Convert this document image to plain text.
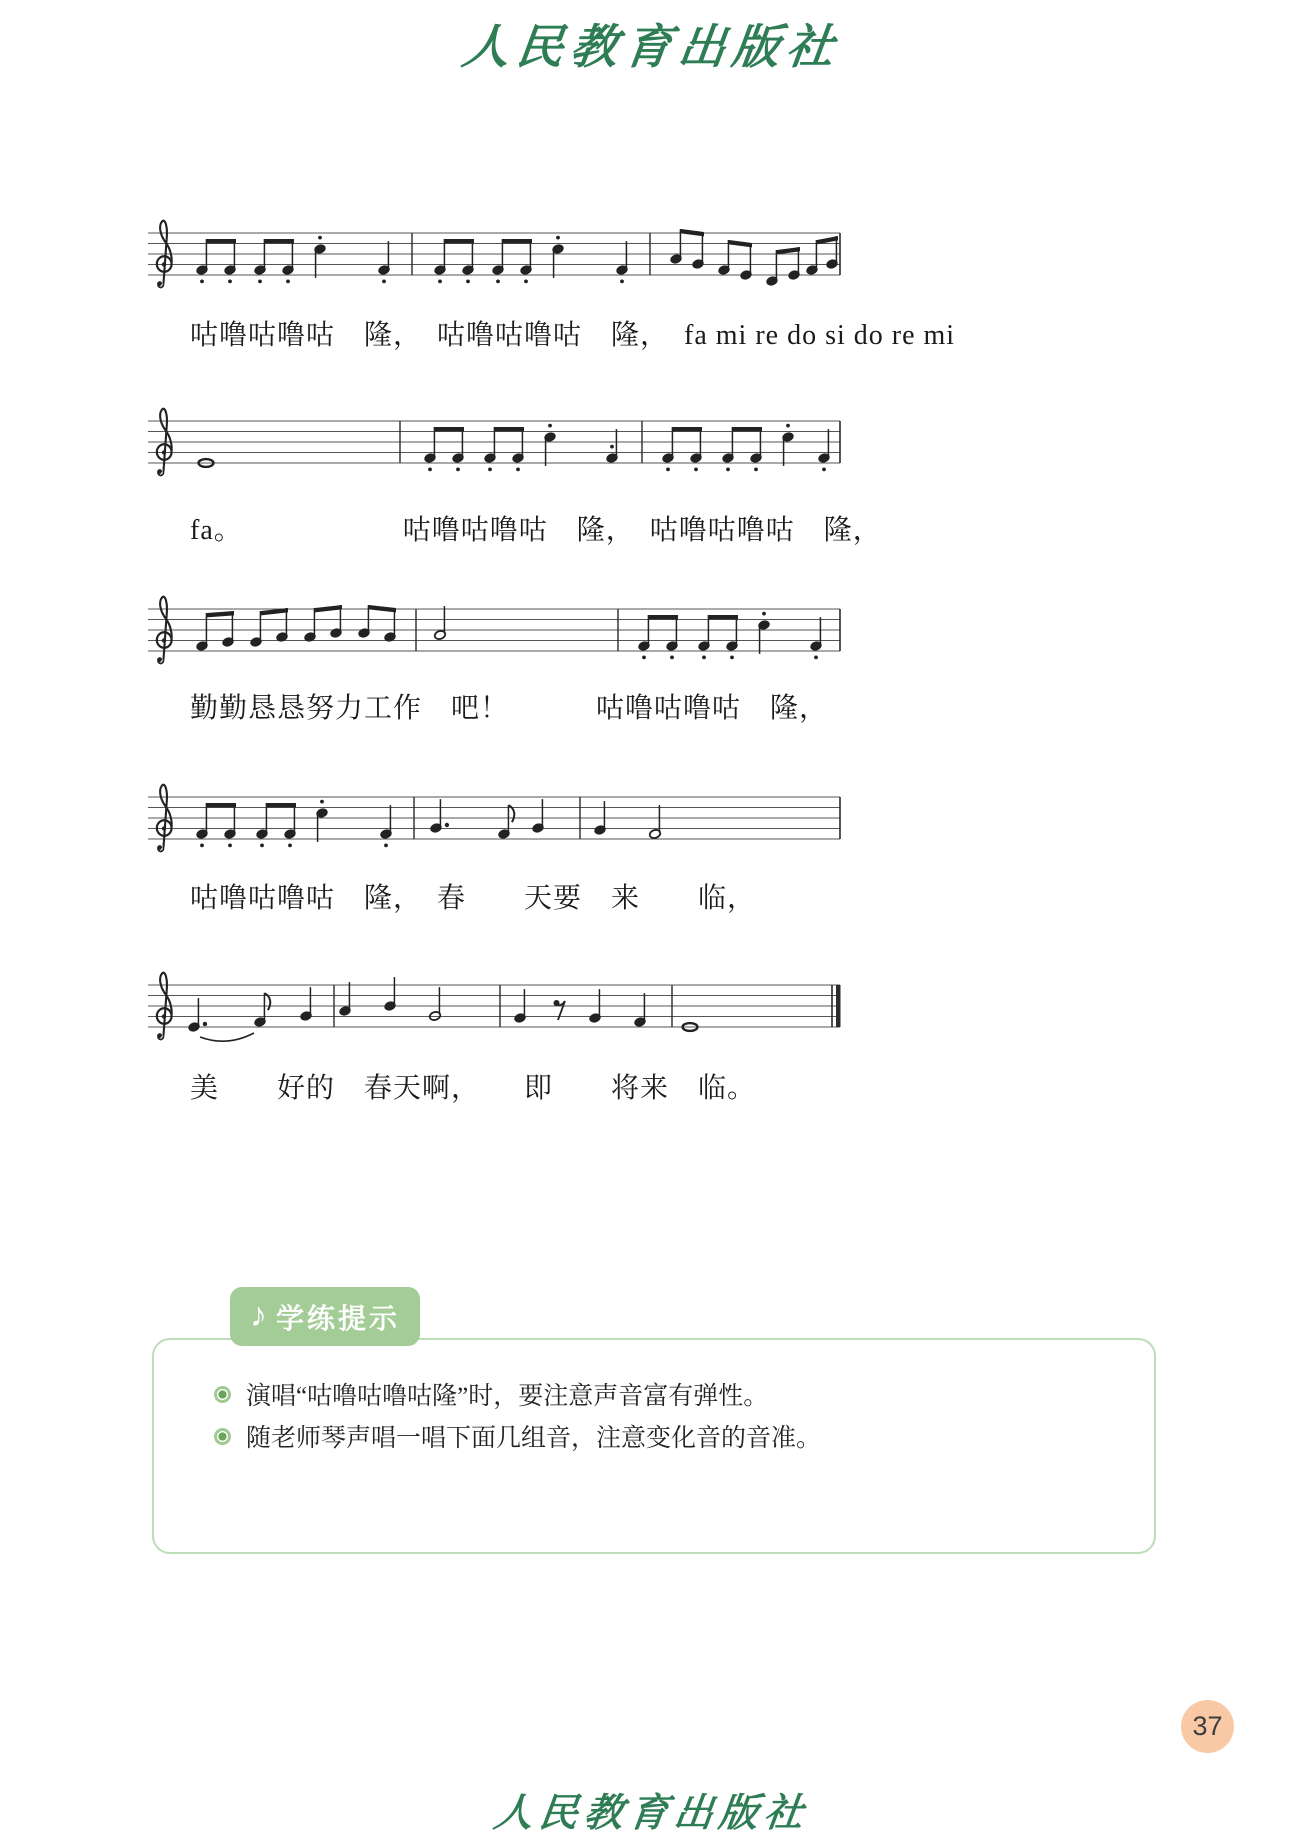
人民教育出版社
人民教育出版社
咕噜咕噜咕　隆，　咕噜咕噜咕　隆，　fa mi re do si do re mi
fa。　　　　　　咕噜咕噜咕　隆，　咕噜咕噜咕　隆，
勤勤恳恳努力工作　吧！　　　咕噜咕噜咕　隆，
咕噜咕噜咕　隆，　春　　天要　来　　临，
美　　好的　春天啊，　　即　　将来　临。
♪ 学练提示
演唱“咕噜咕噜咕隆”时，要注意声音富有弹性。
随老师琴声唱一唱下面几组音，注意变化音的音准。
37
